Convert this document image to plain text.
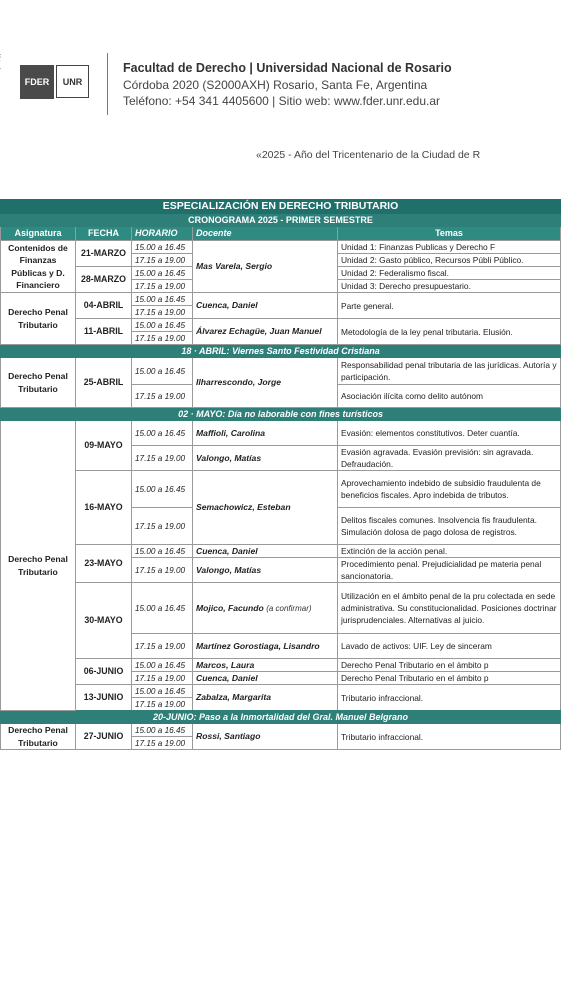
FDER	UNR
Facultad de Derecho | Universidad Nacional de Rosario
Córdoba 2020 (S2000AXH) Rosario, Santa Fe, Argentina
Teléfono: +54 341 4405600 | Sitio web: www.fder.unr.edu.ar
«2025 - Año del Tricentenario de la Ciudad de R
ESPECIALIZACIÓN EN DERECHO TRIBUTARIO				
CRONOGRAMA 2025 - PRIMER SEMESTRE				
Asignatura	FECHA	HORARIO	Docente	Temas
Contenidos de Finanzas Públicas y D. Financiero	21-MARZO	15.00 a 16.45	Mas Varela, Sergio	Unidad 1: Finanzas Publicas y Derecho F
		17.15 a 19.00		Unidad 2: Gasto público, Recursos Públi Público.

	28-MARZO	15.00 a 16.45		Unidad 2: Federalismo fiscal.
		17.15 a 19.00		Unidad 3: Derecho presupuestario.

Derecho Penal Tributario	04-ABRIL	15.00 a 16.45	Cuenca, Daniel	Parte general.
		17.15 a 19.00		
	11-ABRIL	15.00 a 16.45	Álvarez Echagüe, Juan Manuel	Metodología de la ley penal tributaria. Elusión.
		17.15 a 19.00		
18 · ABRIL: Viernes Santo Festividad Cristiana				
Derecho Penal Tributario	25-ABRIL	15.00 a 16.45	Ilharrescondo, Jorge	Responsabilidad penal tributaria de las jurídicas. Autoría y participación.
		17.15 a 19.00		Asociación ilícita como delito autónom
02 · MAYO: Día no laborable con fines turísticos				
Derecho Penal Tributario	09-MAYO	15.00 a 16.45	Maffioli, Carolina	Evasión: elementos constitutivos. Deter cuantía.
		17.15 a 19.00	Valongo, Matías	Evasión agravada. Evasión previsión: sin agravada. Defraudación.
	16-MAYO	15.00 a 16.45	Semachowicz, Esteban	Aprovechamiento indebido de subsidio fraudulenta de beneficios fiscales. Apro indebida de tributos.
		17.15 a 19.00		Delitos fiscales comunes. Insolvencia fis fraudulenta. Simulación dolosa de pago dolosa de registros.
	23-MAYO	15.00 a 16.45	Cuenca, Daniel	Extinción de la acción penal.
		17.15 a 19.00	Valongo, Matías	Procedimiento penal. Prejudicialidad pe materia penal sancionatoria.
	30-MAYO	15.00 a 16.45	Mojico, Facundo (a confirmar)	Utilización en el ámbito penal de la pru colectada en sede administrativa. Su constitucionalidad. Posiciones doctrinar jurisprudenciales. Alternativas al juicio.
		17.15 a 19.00	Martínez Gorostiaga, Lisandro	Lavado de activos: UIF. Ley de sinceram
	06-JUNIO	15.00 a 16.45	Marcos, Laura	Derecho Penal Tributario en el ámbito p
		17.15 a 19.00	Cuenca, Daniel	Derecho Penal Tributario en el ámbito p
	13-JUNIO	15.00 a 16.45	Zabalza, Margarita	Tributario infraccional.
		17.15 a 19.00		

20-JUNIO: Paso a la Inmortalidad del Gral. Manuel Belgrano				
Derecho Penal Tributario	27-JUNIO	15.00 a 16.45	Rossi, Santiago	Tributario infraccional.
		17.15 a 19.00		
